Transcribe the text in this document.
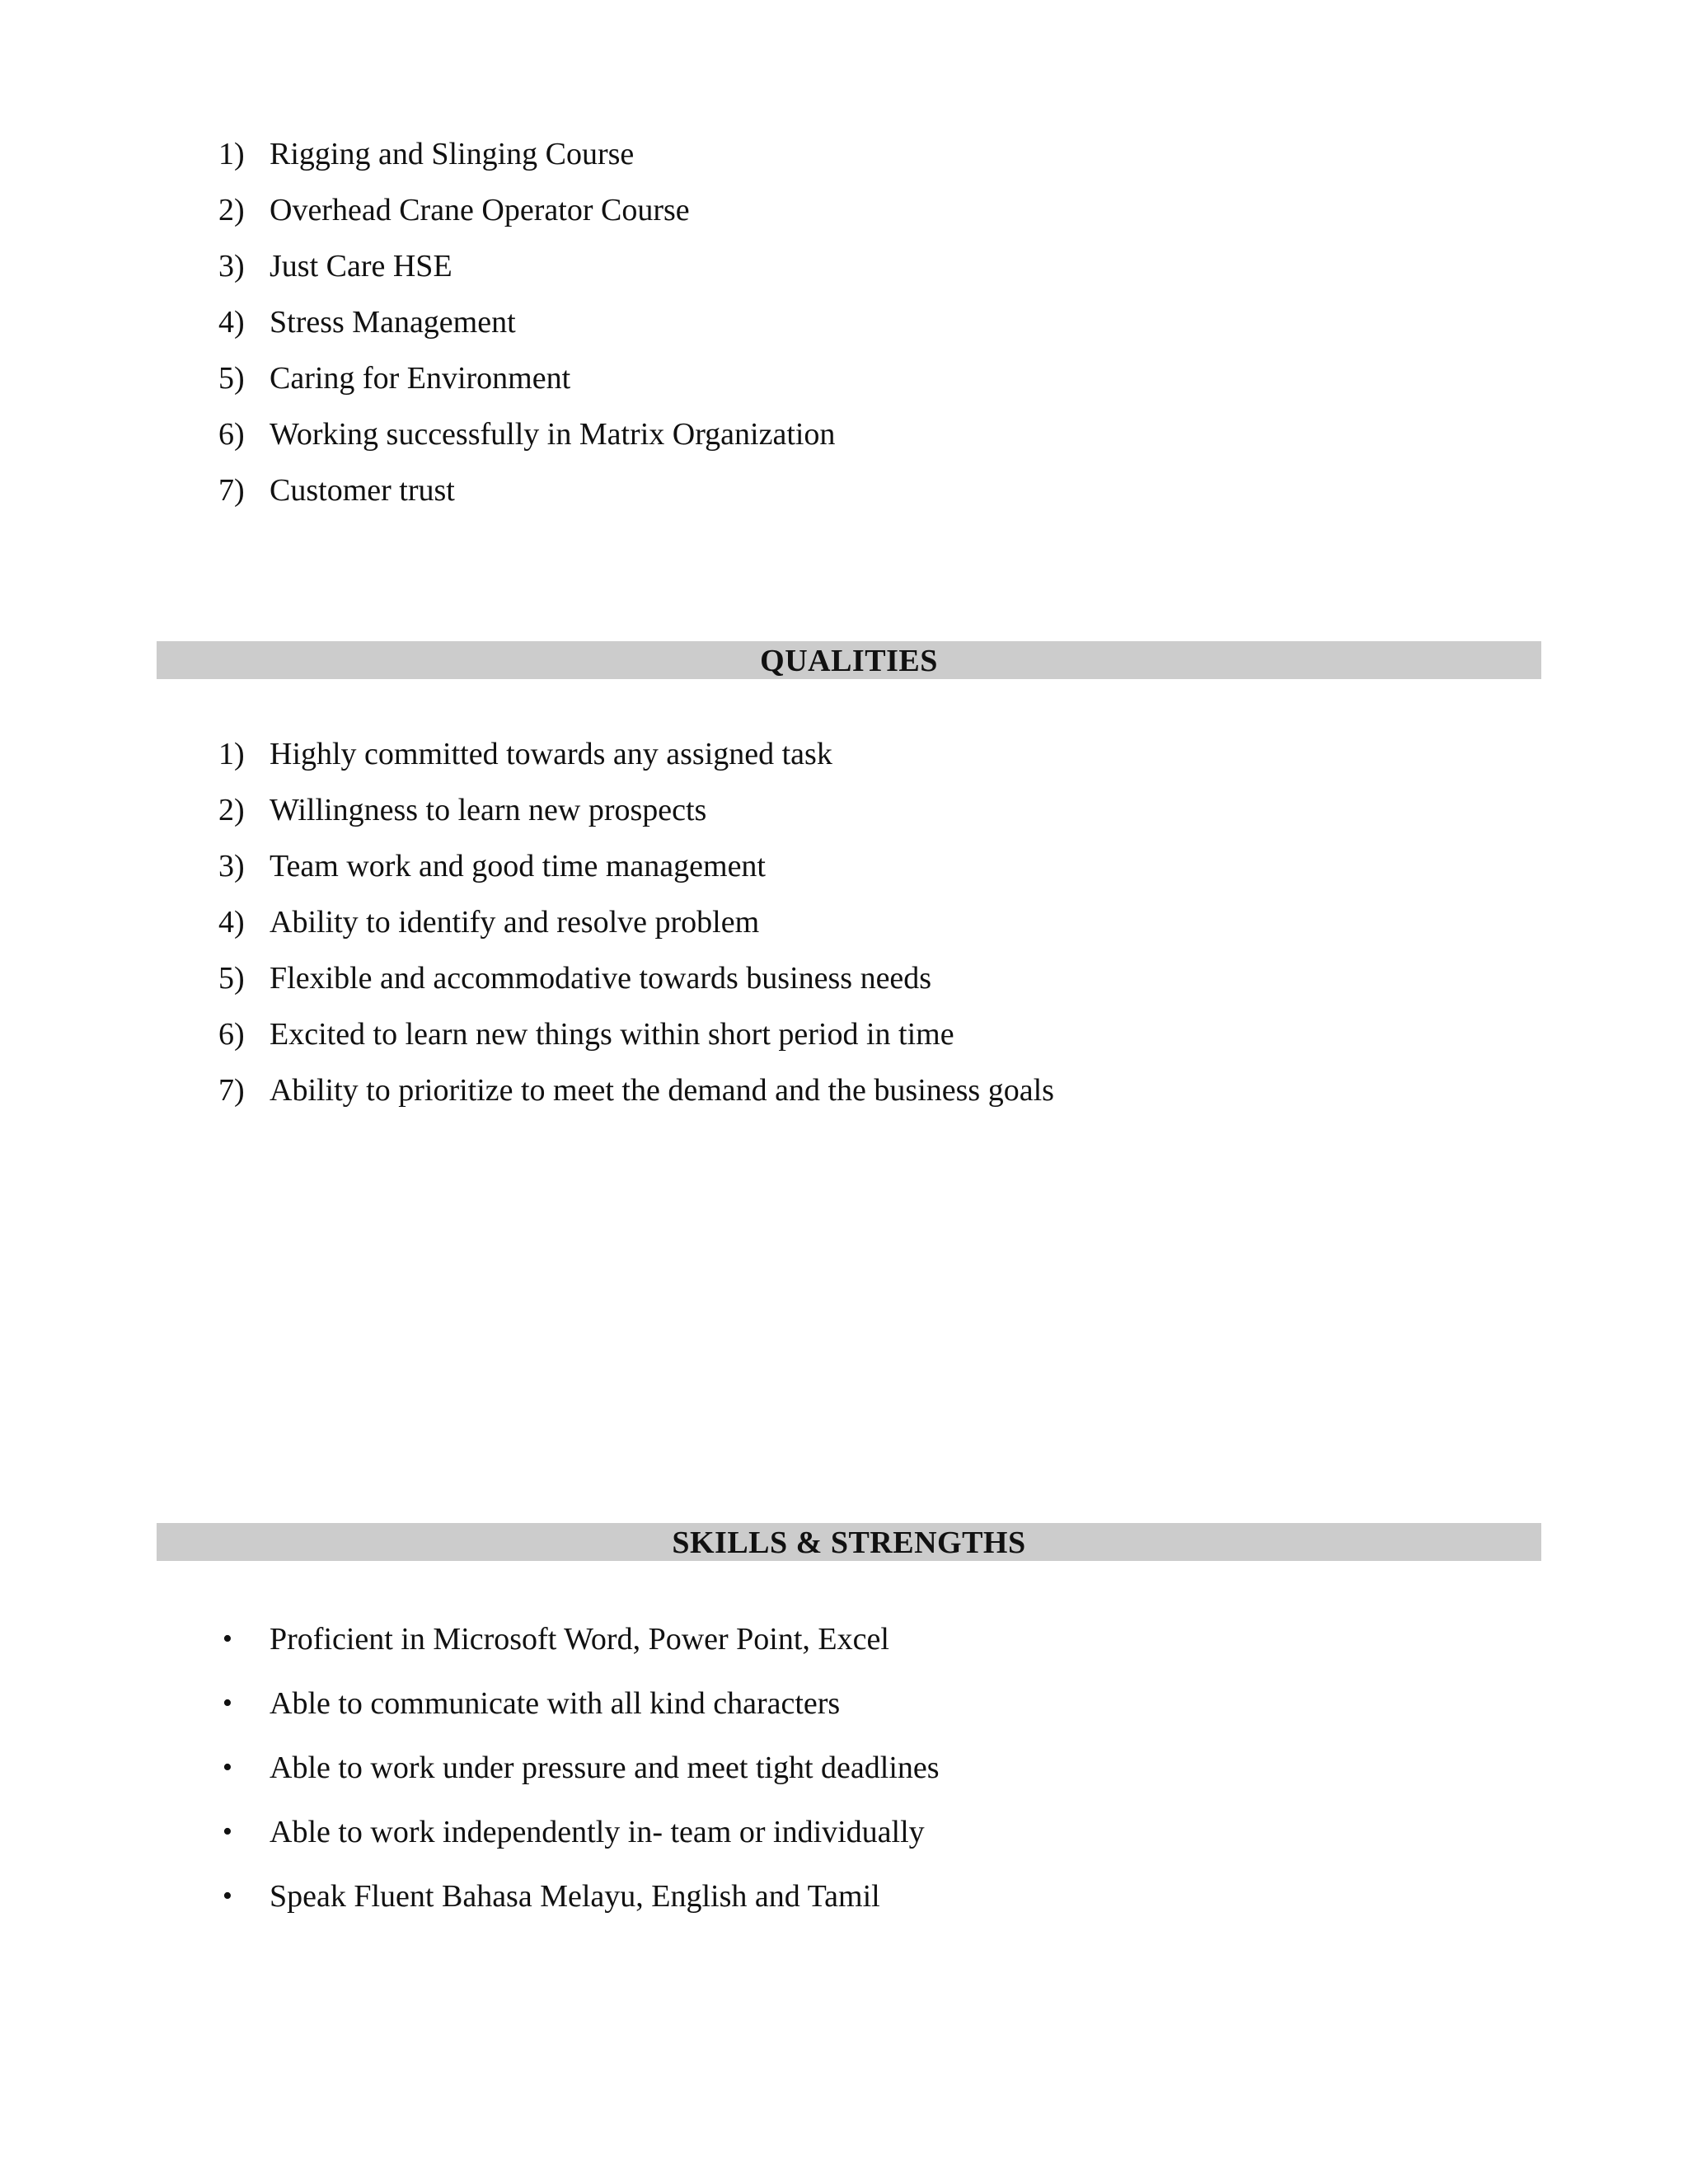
1) Rigging and Slinging Course
2) Overhead Crane Operator Course
3) Just Care HSE
4) Stress Management
5) Caring for Environment
6) Working successfully in Matrix Organization
7) Customer trust
QUALITIES
1) Highly committed towards any assigned task
2) Willingness to learn new prospects
3) Team work and good time management
4) Ability to identify and resolve problem
5) Flexible and accommodative towards business needs
6) Excited to learn new things within short period in time
7) Ability to prioritize to meet the demand and the business goals
SKILLS & STRENGTHS
•	Proficient in Microsoft Word, Power Point, Excel
•	Able to communicate with all kind characters
•	Able to work under pressure and meet tight deadlines
•	Able to work independently in- team or individually
•	Speak Fluent Bahasa Melayu, English and Tamil
